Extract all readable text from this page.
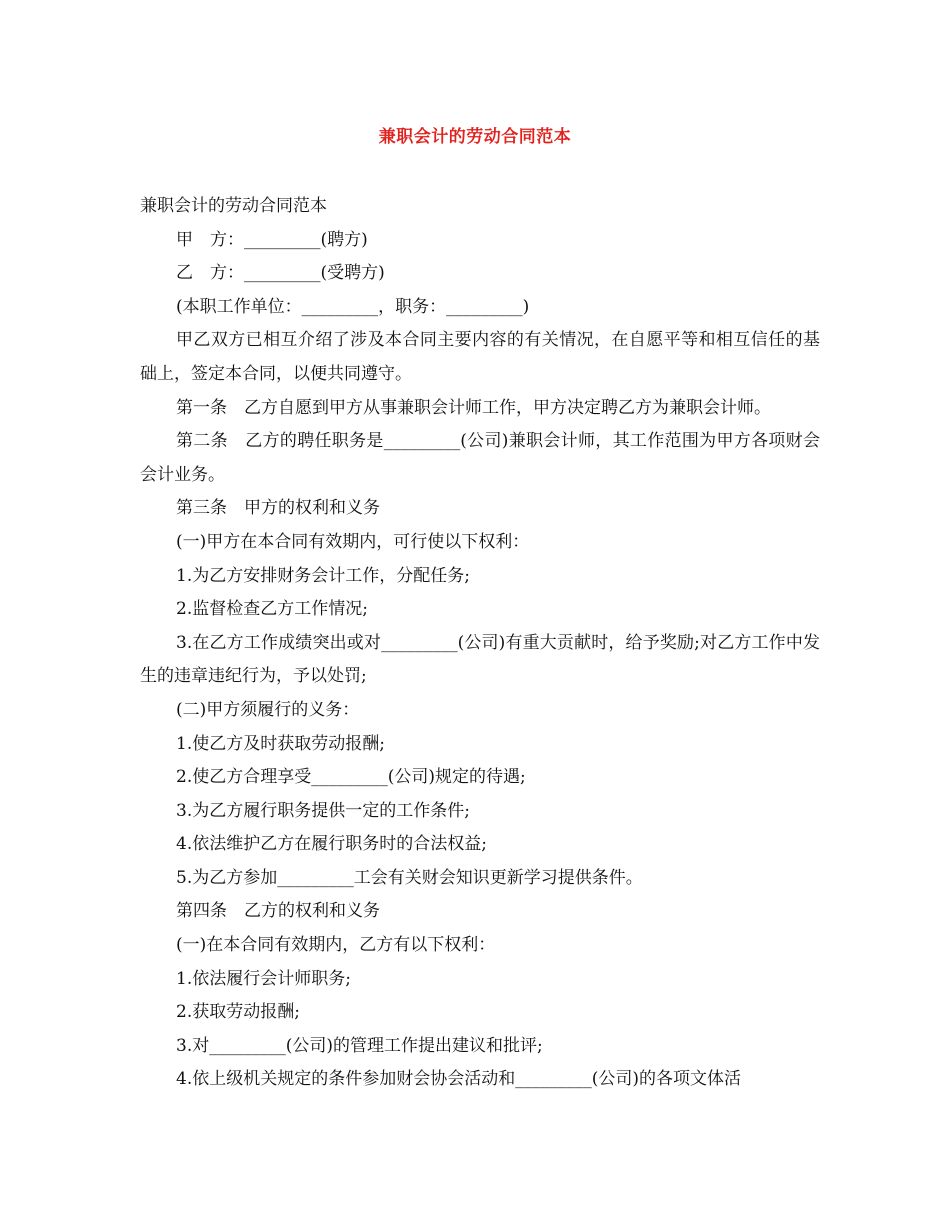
兼职会计的劳动合同范本

兼职会计的劳动合同范本

甲　方：_________(聘方)

乙　方：_________(受聘方)

(本职工作单位：_________，职务：_________)

甲乙双方已相互介绍了涉及本合同主要内容的有关情况，在自愿平等和相互信任的基础上，签定本合同，以便共同遵守。

第一条　乙方自愿到甲方从事兼职会计师工作，甲方决定聘乙方为兼职会计师。

第二条　乙方的聘任职务是_________(公司)兼职会计师，其工作范围为甲方各项财会会计业务。

第三条　甲方的权利和义务

(一)甲方在本合同有效期内，可行使以下权利：

1.为乙方安排财务会计工作，分配任务;

2.监督检查乙方工作情况;

3.在乙方工作成绩突出或对_________(公司)有重大贡献时，给予奖励;对乙方工作中发生的违章违纪行为，予以处罚;

(二)甲方须履行的义务：

1.使乙方及时获取劳动报酬;

2.使乙方合理享受_________(公司)规定的待遇;

3.为乙方履行职务提供一定的工作条件;

4.依法维护乙方在履行职务时的合法权益;

5.为乙方参加_________工会有关财会知识更新学习提供条件。

第四条　乙方的权利和义务

(一)在本合同有效期内，乙方有以下权利：

1.依法履行会计师职务;

2.获取劳动报酬;

3.对_________(公司)的管理工作提出建议和批评;

4.依上级机关规定的条件参加财会协会活动和_________(公司)的各项文体活
